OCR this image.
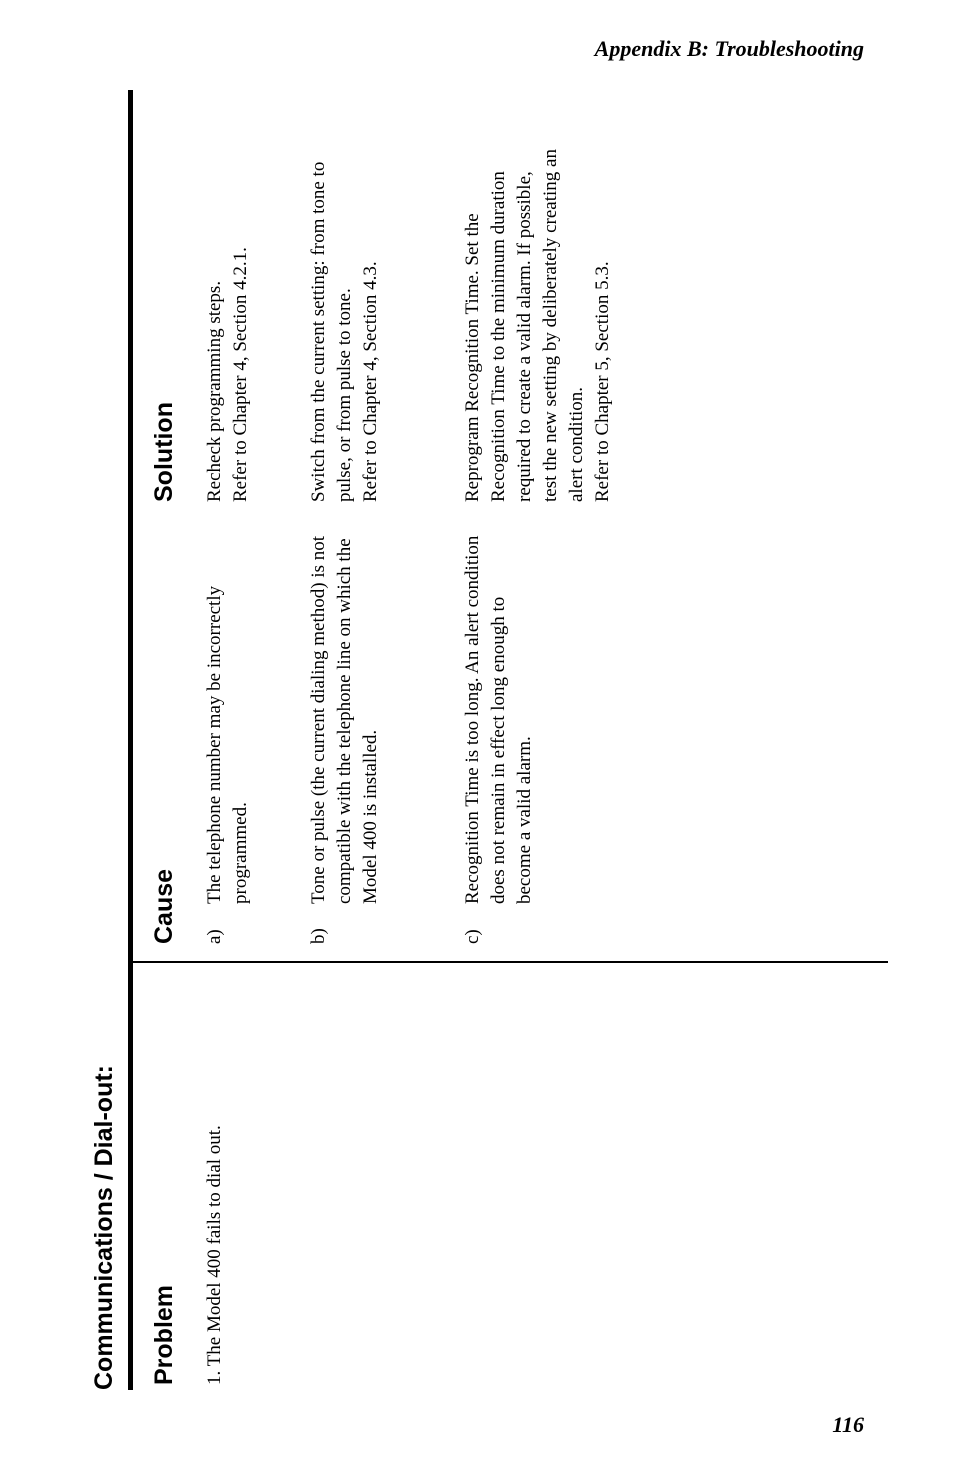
Appendix B: Troubleshooting
Communications / Dial-out: Problem
Cause
Solution
1. The Model 400 fails to dial out.
a)
The telephone number may be incorrectly programmed.
Recheck programming steps. Refer to Chapter 4, Section 4.2.1.
b)
Tone or pulse (the current dialing method) is not compatible with the telephone line on which the Model 400 is installed.
Switch from the current setting: from tone to pulse, or from pulse to tone. Refer to Chapter 4, Section 4.3.
c)
Recognition Time is too long. An alert condition does not remain in effect long enough to become a valid alarm.
Reprogram Recognition Time. Set the Recognition Time to the minimum duration required to create a valid alarm. If possible, test the new setting by deliberately creating an alert condition. Refer to Chapter 5, Section 5.3.
116
